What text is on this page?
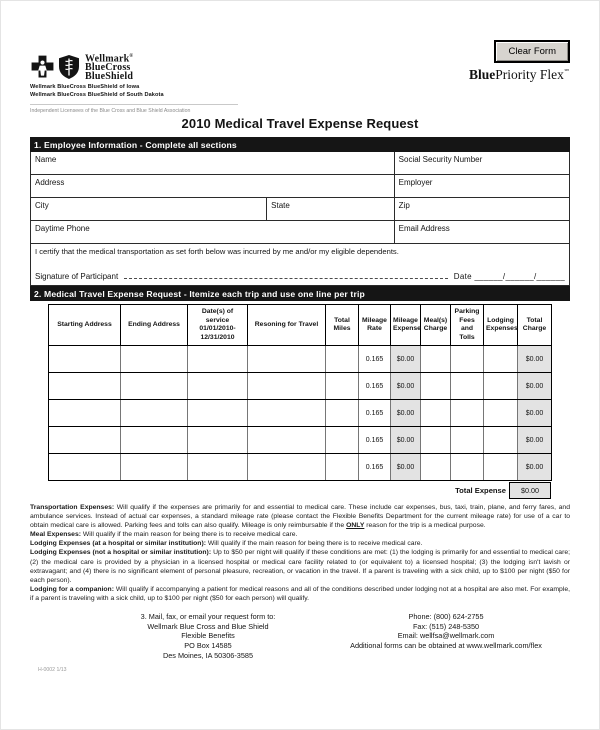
Wellmark®
BlueCross
BlueShield
Wellmark BlueCross BlueShield of Iowa
Wellmark BlueCross BlueShield of South Dakota
Independent Licensees of the Blue Cross and Blue Shield Association
Clear Form
BluePriority Flex℠
2010 Medical Travel Expense Request
1. Employee Information - Complete all sections
Name	Social Security Number
Address	Employer
City	State	Zip
Daytime Phone	Email Address
I certify that the medical transportation as set forth below was incurred by me and/or my eligible dependents.
Signature of Participant	Date ______/______/______
2. Medical Travel Expense Request - Itemize each trip and use one line per trip
Starting Address	Ending Address	Date(s) of service 01/01/2010- 12/31/2010	Resoning for Travel	Total Miles	Mileage Rate	Mileage Expense	Meal(s) Charge	Parking Fees and Tolls	Lodging Expenses	Total Charge
					0.165	$0.00				$0.00
					0.165	$0.00				$0.00
					0.165	$0.00				$0.00
					0.165	$0.00				$0.00
					0.165	$0.00				$0.00
Total Expense	$0.00

Transportation Expenses: Will qualify if the expenses are primarily for and essential to medical care. These include car expenses, bus, taxi, train, plane, and ferry fares, and ambulance services. Instead of actual car expenses, a standard mileage rate (please contact the Flexible Benefits Department for the current mileage rate) for use of a car to obtain medical care is allowed. Parking fees and tolls can also qualify. Mileage is only reimbursable if the ONLY reason for the trip is a medical purpose.

Meal Expenses: Will qualify if the main reason for being there is to receive medical care.

Lodging Expenses (at a hospital or similar institution): Will qualify if the main reason for being there is to receive medical care.

Lodging Expenses (not a hospital or similar institution): Up to $50 per night will qualify if these conditions are met: (1) the lodging is primarily for and essential to medical care; (2) the medical care is provided by a physician in a licensed hospital or medical care facility related to (or equivalent to) a licensed hospital; (3) the lodging isn't lavish or extravagant; and (4) there is no significant element of personal pleasure, recreation, or vacation in the travel. If a parent is traveling with a sick child, up to $100 per night ($50 for each person).

Lodging for a companion: Will qualify if accompanying a patient for medical reasons and all of the conditions described under lodging not at a hospital are also met. For example, if a parent is traveling with a sick child, up to $100 per night ($50 for each person) will qualify.

3. Mail, fax, or email your request form to:
Wellmark Blue Cross and Blue Shield
Flexible Benefits
PO Box 14585
Des Moines, IA 50306-3585
Phone: (800) 624-2755
Fax: (515) 248-5350
Email: wellfsa@wellmark.com
Additional forms can be obtained at www.wellmark.com/flex
H-0002 1/13
